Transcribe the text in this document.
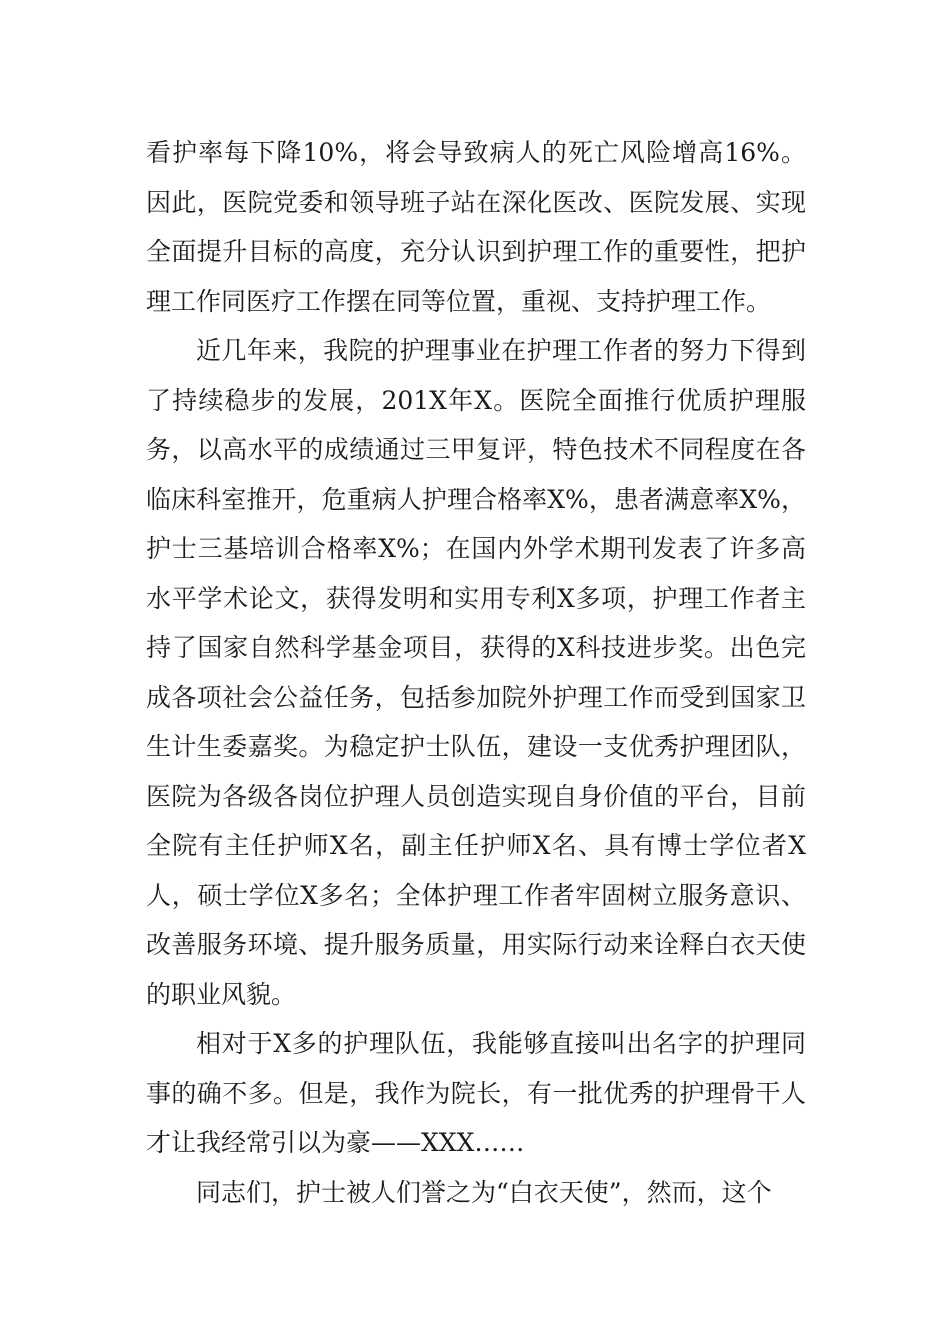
看护率每下降10%，将会导致病人的死亡风险增高16%。因此，医院党委和领导班子站在深化医改、医院发展、实现全面提升目标的高度，充分认识到护理工作的重要性，把护理工作同医疗工作摆在同等位置，重视、支持护理工作。

近几年来，我院的护理事业在护理工作者的努力下得到了持续稳步的发展，201X年X。医院全面推行优质护理服务，以高水平的成绩通过三甲复评，特色技术不同程度在各临床科室推开，危重病人护理合格率X%，患者满意率X%，护士三基培训合格率X%；在国内外学术期刊发表了许多高水平学术论文，获得发明和实用专利X多项，护理工作者主持了国家自然科学基金项目，获得的X科技进步奖。出色完成各项社会公益任务，包括参加院外护理工作而受到国家卫生计生委嘉奖。为稳定护士队伍，建设一支优秀护理团队，医院为各级各岗位护理人员创造实现自身价值的平台，目前全院有主任护师X名，副主任护师X名、具有博士学位者X人，硕士学位X多名；全体护理工作者牢固树立服务意识、改善服务环境、提升服务质量，用实际行动来诠释白衣天使的职业风貌。

相对于X多的护理队伍，我能够直接叫出名字的护理同事的确不多。但是，我作为院长，有一批优秀的护理骨干人才让我经常引以为豪——XXX……

同志们，护士被人们誉之为“白衣天使”，然而，这个
